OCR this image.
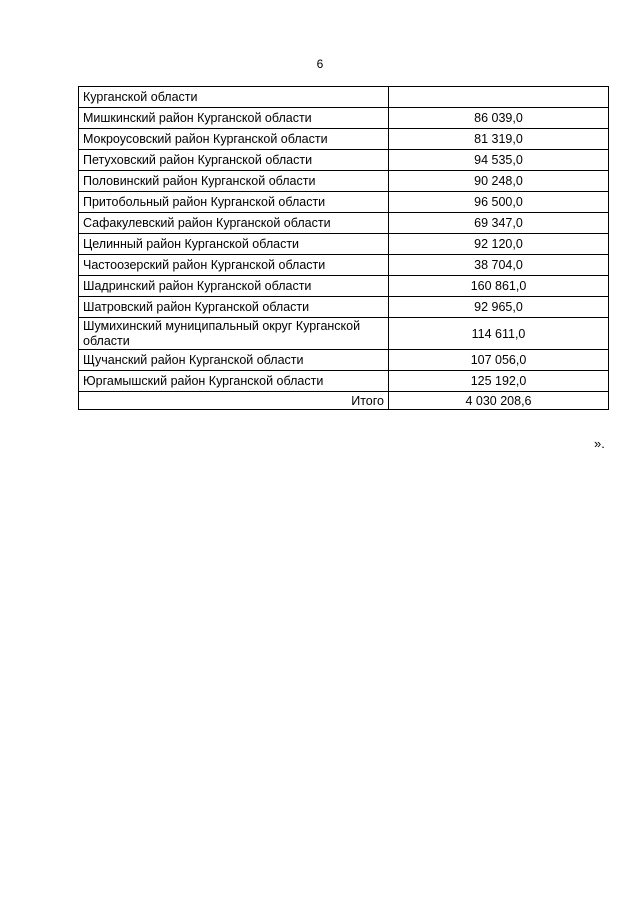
6
Курганской области	
Мишкинский район Курганской области	86 039,0
Мокроусовский район Курганской области	81 319,0
Петуховский район Курганской области	94 535,0
Половинский район Курганской области	90 248,0
Притобольный район Курганской области	96 500,0
Сафакулевский район Курганской области	69 347,0
Целинный район Курганской области	92 120,0
Частоозерский район Курганской области	38 704,0
Шадринский район Курганской области	160 861,0
Шатровский район Курганской области	92 965,0
Шумихинский муниципальный округ Курганской области	114 611,0
Щучанский район Курганской области	107 056,0
Юргамышский район Курганской области	125 192,0
Итого	4 030 208,6
».
